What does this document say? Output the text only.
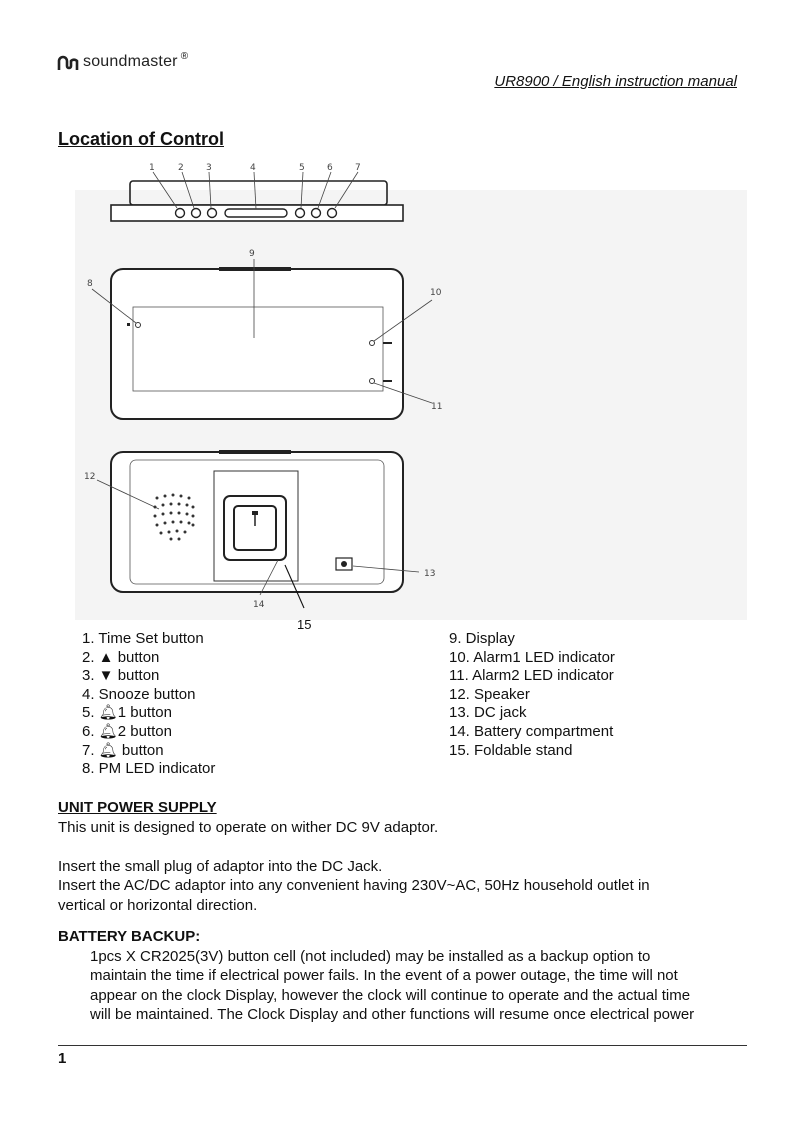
soundmaster ®
UR8900 / English instruction manual
Location of Control
1	2 3	4	5 6 7
9
8
10
11
12
13
14
15
1. Time Set button
2. ▲ button
3. ▼ button
4. Snooze button
5. 🔔︎1 button
6. 🔔︎2 button
7. 🔔︎ button
8. PM LED indicator
9. Display
10. Alarm1 LED indicator
11. Alarm2 LED indicator
12. Speaker
13. DC jack
14. Battery compartment
15. Foldable stand
UNIT POWER SUPPLY
This unit is designed to operate on wither DC 9V adaptor.
Insert the small plug of adaptor into the DC Jack.
Insert the AC/DC adaptor into any convenient having 230V~AC, 50Hz household outlet in
vertical or horizontal direction.
BATTERY BACKUP:
1pcs X CR2025(3V) button cell (not included) may be installed as a backup option to
maintain the time if electrical power fails. In the event of a power outage, the time will not
appear on the clock Display, however the clock will continue to operate and the actual time
will be maintained. The Clock Display and other functions will resume once electrical power
1
